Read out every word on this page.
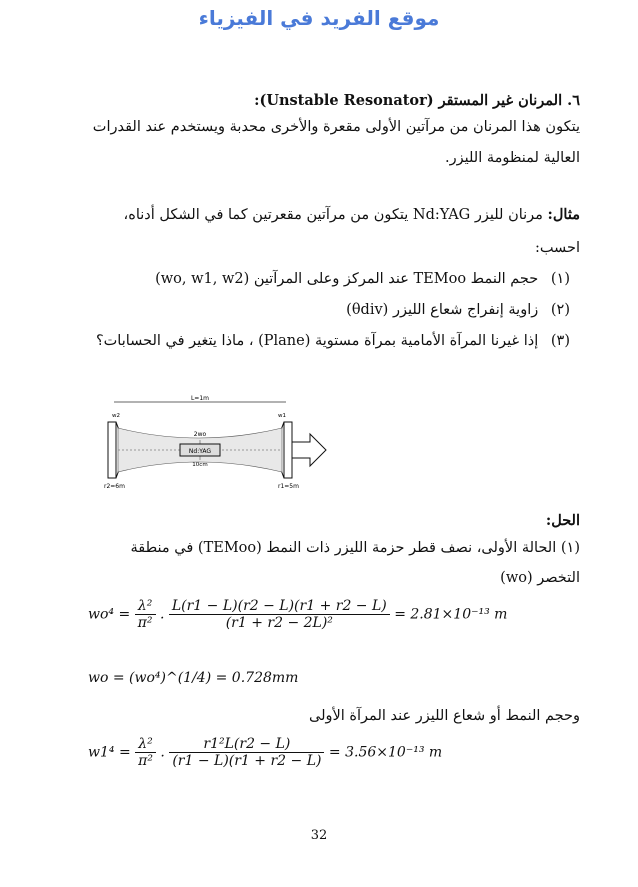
موقع الفريد في الفيزياء
٦. المرنان غير المستقر (Unstable Resonator):
يتكون هذا المرنان من مرآتين الأولى مقعرة والأخرى محدبة ويستخدم عند القدرات
العالية لمنظومة الليزر.
مثال: مرنان لليزر Nd:YAG يتكون من مرآتين مقعرتين كما في الشكل أدناه،
احسب:
(١) حجم النمط TEMoo عند المركز وعلى المرآتين (wo, w1, w2)
(٢) زاوية إنفراج شعاع الليزر (θdiv)
(٣) إذا غيرنا المرآة الأمامية بمرآة مستوية (Plane) ، ماذا يتغير في الحسابات؟
L=1m
2wo
Nd:YAG
10cm
w2	w1
r2=6m	r1=5m
الحل:
(١) الحالة الأولى، نصف قطر حزمة الليزر ذات النمط (TEMoo) في منطقة
التخصر (wo)
$wo^4 = \frac{\text{λ²}}{\text{π²}}$ . $\frac{L(r1 - L)(r2 - L)(r1 + r2 - L)}{\text{(r1 + r2 − 2L)²}} = 2.81\times 10^{-13}$ m
wo = (wo⁴)^(1/4) = 0.728mm
وحجم النمط أو شعاع الليزر عند المرآة الأولى
$w1^4 = \frac{\text{λ²}}{\text{π²}}$ . $\frac{\text{r1²L(r2 − L)}}{(r1 - L)(r1 + r2 - L)} = 3.56\times 10^{-13}$ m
32
